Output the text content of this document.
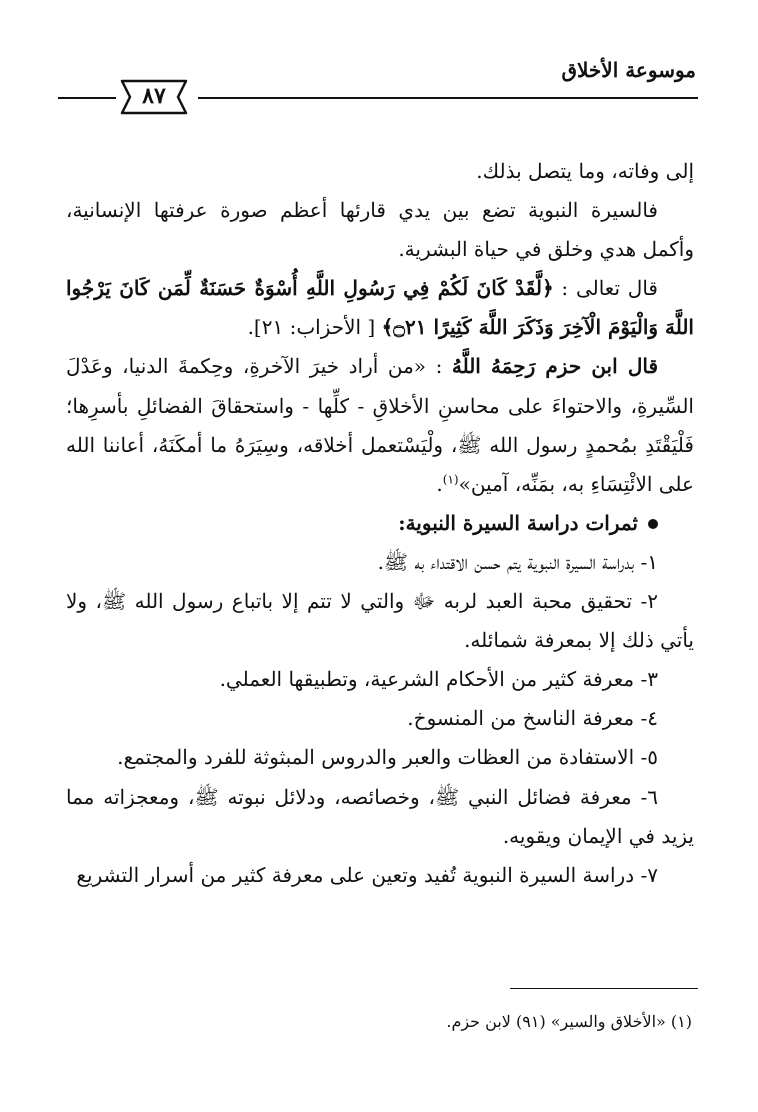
موسوعة الأخلاق
٨٧

إلى وفاته، وما يتصل بذلك.

فالسيرة النبوية تضع بين يدي قارئها أعظم صورة عرفتها الإنسانية، وأكمل هدي وخلق في حياة البشرية.

قال تعالى : ﴿لَّقَدْ كَانَ لَكُمْ فِي رَسُولِ اللَّهِ أُسْوَةٌ حَسَنَةٌ لِّمَن كَانَ يَرْجُوا اللَّهَ وَالْيَوْمَ الْآخِرَ وَذَكَرَ اللَّهَ كَثِيرًا ۝٢١﴾ [ الأحزاب: ٢١].

قال ابن حزم رَحِمَهُ اللَّهُ : «من أراد خيرَ الآخرةِ، وحِكمةَ الدنيا، وعَدْلَ السِّيرةِ، والاحتواءَ على محاسنِ الأخلاقِ - كلِّها - واستحقاقَ الفضائلِ بأسرِها؛ فَلْيَقْتَدِ بمُحمدٍ رسول الله ﷺ، ولْيَسْتعمل أخلاقه، وسِيَرَهُ ما أمكَنَهُ، أعاننا الله على الائْتِسَاءِ به، بمَنِّه، آمين»$^{(١)}$.

ثمرات دراسة السيرة النبوية:

١- بدراسة السيرة النبوية يتم حسن الاقتداء به ﷺ.

٢- تحقيق محبة العبد لربه ﷻ والتي لا تتم إلا باتباع رسول الله ﷺ، ولا يأتي ذلك إلا بمعرفة شمائله.

٣- معرفة كثير من الأحكام الشرعية، وتطبيقها العملي.

٤- معرفة الناسخ من المنسوخ.

٥- الاستفادة من العظات والعبر والدروس المبثوثة للفرد والمجتمع.

٦- معرفة فضائل النبي ﷺ، وخصائصه، ودلائل نبوته ﷺ، ومعجزاته مما يزيد في الإيمان ويقويه.

٧- دراسة السيرة النبوية تُفيد وتعين على معرفة كثير من أسرار التشريع

(١) «الأخلاق والسير» (٩١) لابن حزم.
